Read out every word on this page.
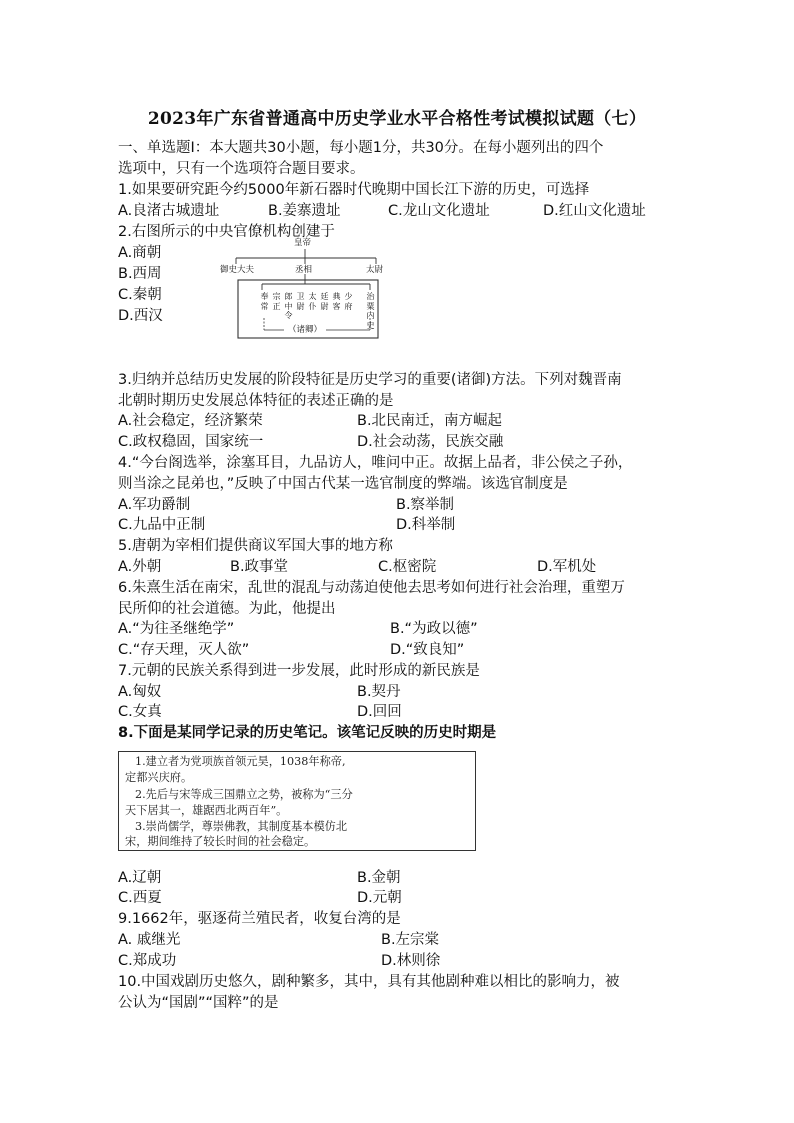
2023年广东省普通高中历史学业水平合格性考试模拟试题（七）
一、单选题I：本大题共30小题，每小题1分，共30分。在每小题列出的四个
选项中，只有一个选项符合题目要求。
1.如果要研究距今约5000年新石器时代晚期中国长江下游的历史，可选择
A.良渚古城遗址	B.姜寨遗址	C.龙山文化遗址	D.红山文化遗址
2.右图所示的中央官僚机构创建于
A.商朝
B.西周
C.秦朝
D.西汉
皇帝
御史大夫	丞相	太尉
奉常
宗正
郎中令
卫尉
太仆
廷尉
典客
少府
治粟内史
（诸卿）
3.归纳并总结历史发展的阶段特征是历史学习的重要(诸御)方法。下列对魏晋南
北朝时期历史发展总体特征的表述正确的是
A.社会稳定，经济繁荣	B.北民南迁，南方崛起
C.政权稳固，国家统一	D.社会动荡，民族交融
4.“今台阁选举，涂塞耳目，九品访人，唯问中正。故据上品者，非公侯之子孙，
则当涂之昆弟也，”反映了中国古代某一选官制度的弊端。该选官制度是
A.军功爵制	B.察举制
C.九品中正制	D.科举制
5.唐朝为宰相们提供商议军国大事的地方称
A.外朝	B.政事堂	C.枢密院	D.军机处
6.朱熹生活在南宋，乱世的混乱与动荡迫使他去思考如何进行社会治理，重塑万
民所仰的社会道德。为此，他提出
A.“为往圣继绝学”	B.“为政以德”
C.“存天理，灭人欲”	D.“致良知”
7.元朝的民族关系得到进一步发展，此时形成的新民族是
A.匈奴	B.契丹
C.女真	D.回回
8.下面是某同学记录的历史笔记。该笔记反映的历史时期是
1.建立者为党项族首领元昊，1038年称帝,
定都兴庆府。
2.先后与宋等成三国鼎立之势，被称为“三分
天下居其一，雄踞西北两百年”。
3.崇尚儒学，尊崇佛教，其制度基本模仿北
宋，期间维持了较长时间的社会稳定。
A.辽朝	B.金朝
C.西夏	D.元朝
9.1662年，驱逐荷兰殖民者，收复台湾的是
A. 戚继光	B.左宗棠
C.郑成功	D.林则徐
10.中国戏剧历史悠久，剧种繁多，其中，具有其他剧种难以相比的影响力，被
公认为“国剧”“国粹”的是
